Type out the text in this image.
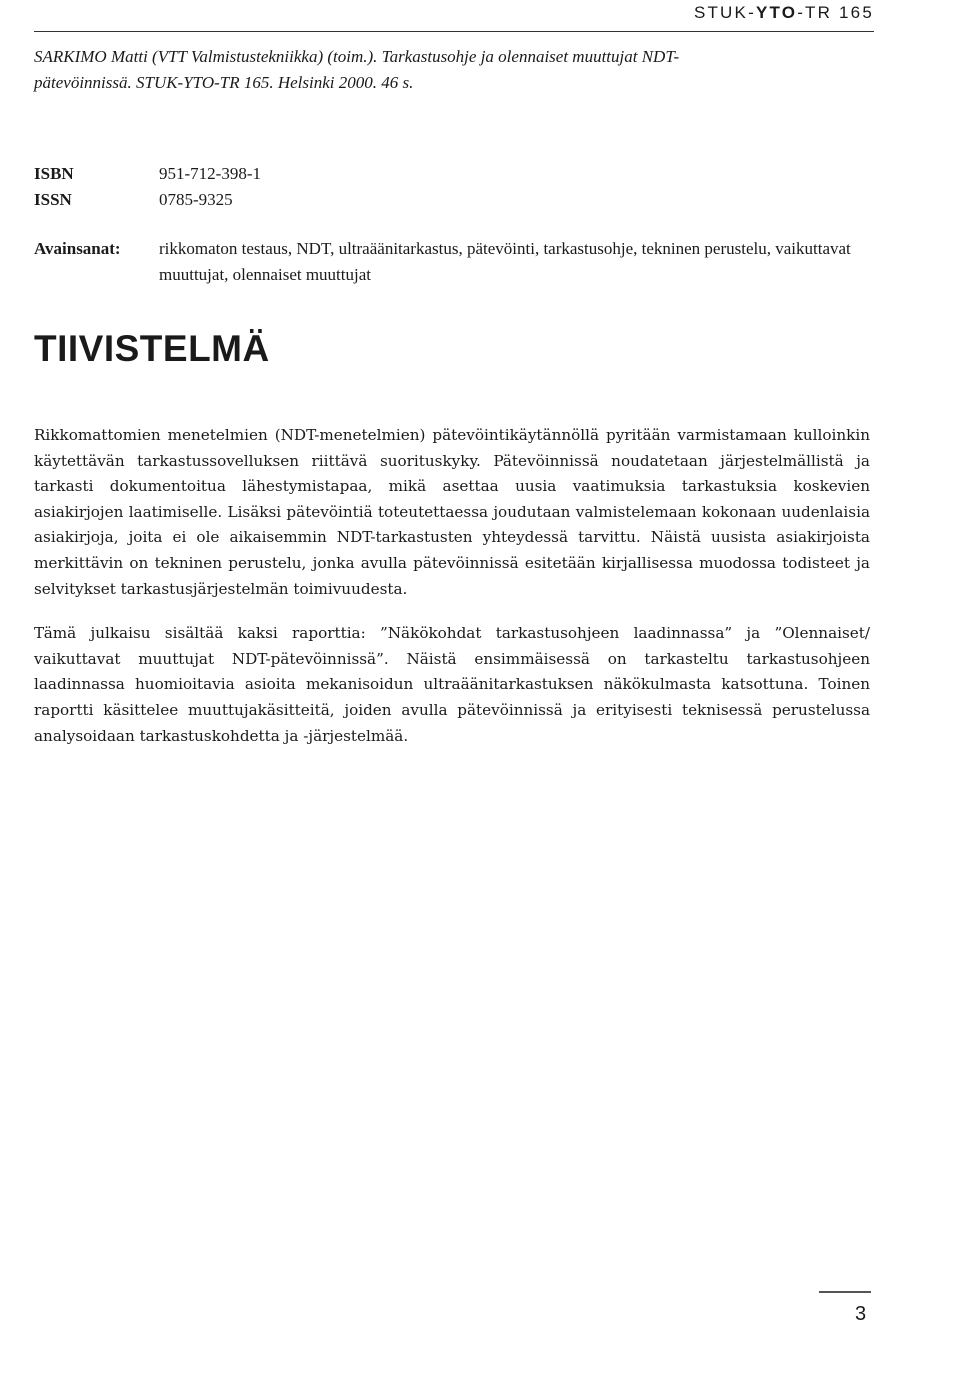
STUK-YTO-TR 165
SARKIMO Matti (VTT Valmistustekniikka) (toim.). Tarkastusohje ja olennaiset muuttujat NDT-
pätevöinnissä. STUK-YTO-TR 165. Helsinki 2000. 46 s.
ISBN	951-712-398-1
ISSN	0785-9325
Avainsanat:	rikkomaton testaus, NDT, ultraäänitarkastus, pätevöinti, tarkastusohje, tekninen perustelu, vaikuttavat muuttujat, olennaiset muuttujat
TIIVISTELMÄ

Rikkomattomien menetelmien (NDT-menetelmien) pätevöintikäytännöllä pyritään varmistamaan kulloinkin käytettävän tarkastussovelluksen riittävä suorituskyky. Pätevöinnissä noudatetaan järjestelmällistä ja tarkasti dokumentoitua lähestymistapaa, mikä asettaa uusia vaatimuksia tarkastuksia koskevien asiakirjojen laatimiselle. Lisäksi pätevöintiä toteutettaessa joudutaan valmistelemaan kokonaan uudenlaisia asiakirjoja, joita ei ole aikaisemmin NDT-tarkastusten yhteydessä tarvittu. Näistä uusista asiakirjoista merkittävin on tekninen perustelu, jonka avulla pätevöinnissä esitetään kirjallisessa muodossa todisteet ja selvitykset tarkastusjärjestelmän toimivuudesta.

Tämä julkaisu sisältää kaksi raporttia: ”Näkökohdat tarkastusohjeen laadinnassa” ja ”Olennaiset/ vaikuttavat muuttujat NDT-pätevöinnissä”. Näistä ensimmäisessä on tarkasteltu tarkastusohjeen laadinnassa huomioitavia asioita mekanisoidun ultraäänitarkastuksen näkökulmasta katsottuna. Toinen raportti käsittelee muuttujakäsitteitä, joiden avulla pätevöinnissä ja erityisesti teknisessä perustelussa analysoidaan tarkastuskohdetta ja -järjestelmää.

3
